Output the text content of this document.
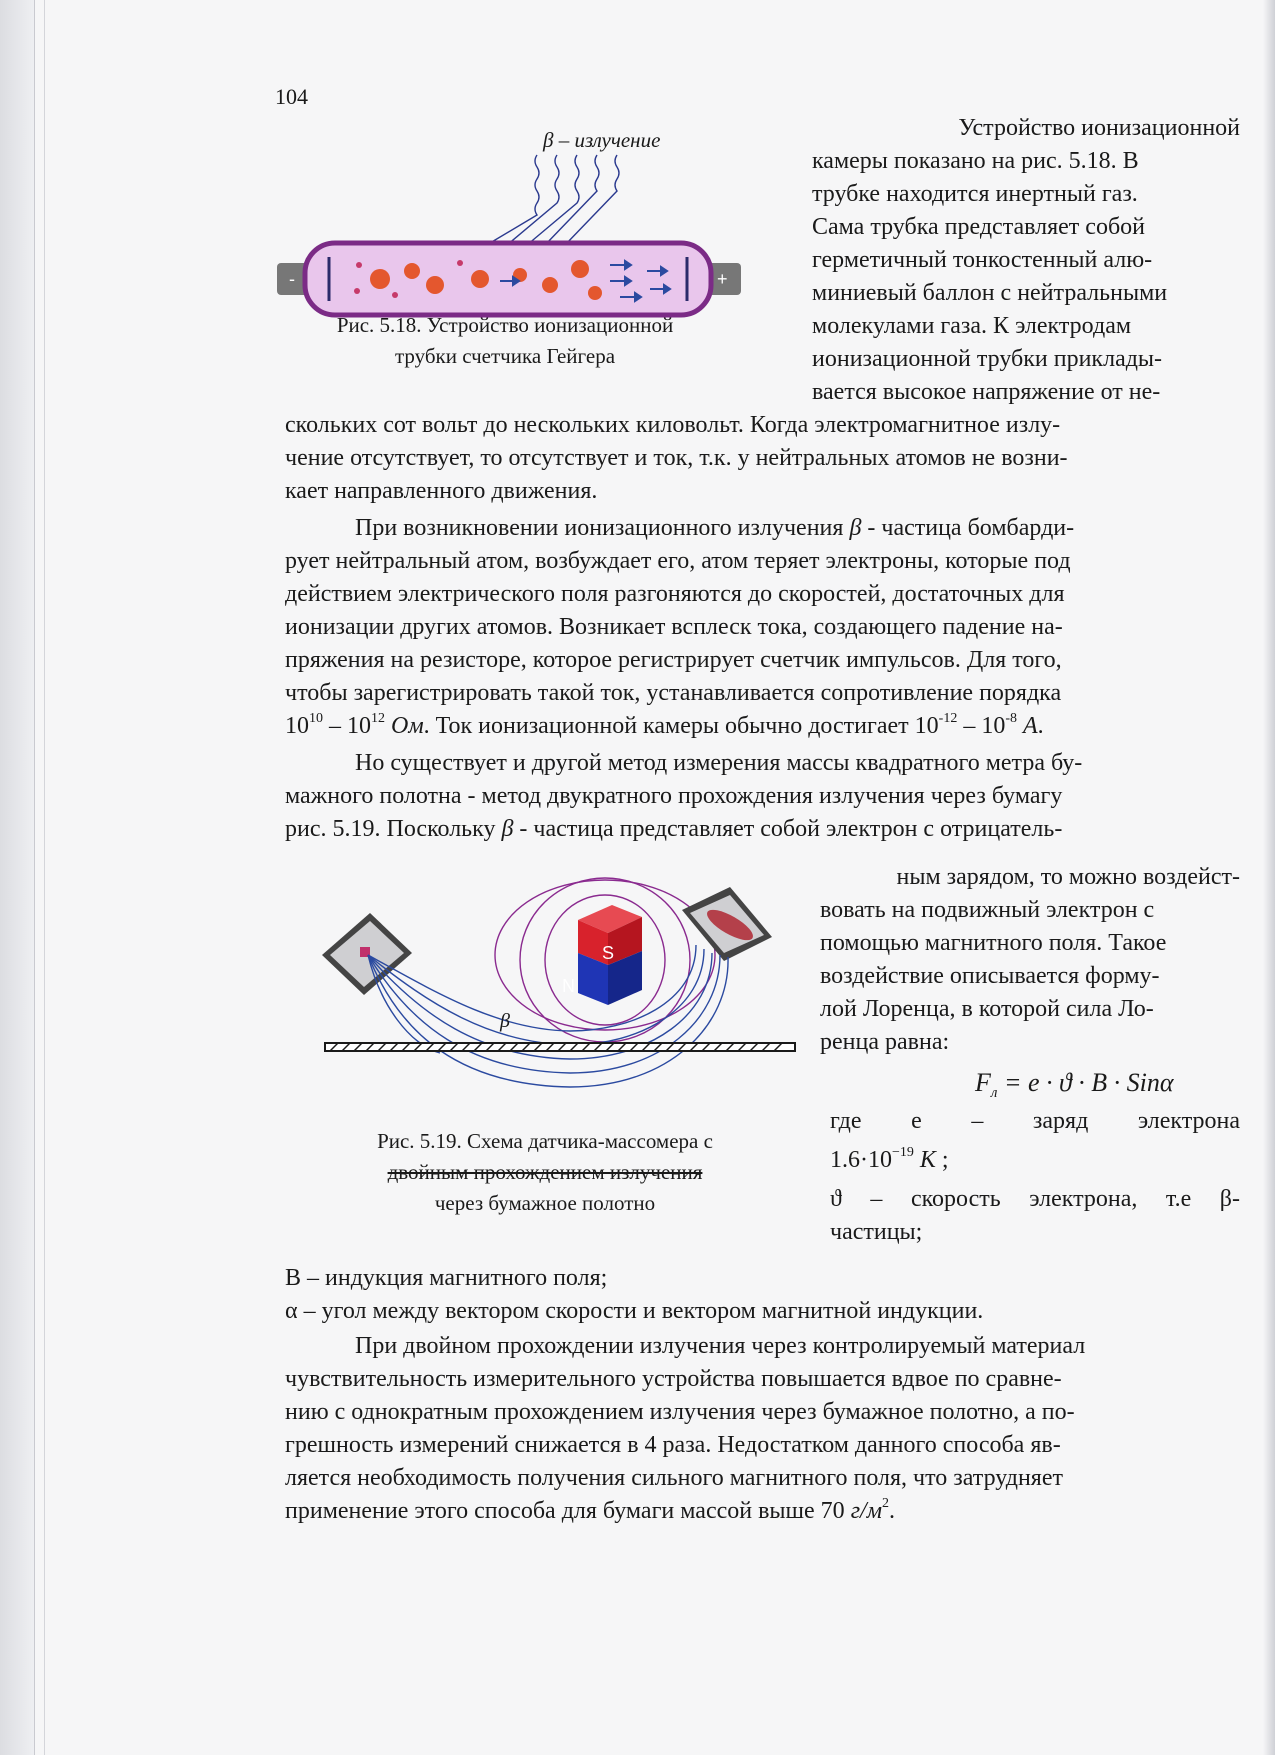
104
β – излучение
-	+
Рис. 5.18. Устройство ионизационной
трубки счетчика Гейгера
Устройство ионизационной
камеры показано на рис. 5.18. В
трубке находится инертный газ.
Сама трубка представляет собой
герметичный тонкостенный алю-
миниевый баллон с нейтральными
молекулами газа. К электродам
ионизационной трубки приклады-
вается высокое напряжение от не-
скольких сот вольт до нескольких киловольт. Когда электромагнитное излу-
чение отсутствует, то отсутствует и ток, т.к. у нейтральных атомов не возни-
кает направленного движения.
При возникновении ионизационного излучения β - частица бомбарди-
рует нейтральный атом, возбуждает его, атом теряет электроны, которые под
действием электрического поля разгоняются до скоростей, достаточных для
ионизации других атомов. Возникает всплеск тока, создающего падение на-
пряжения на резисторе, которое регистрирует счетчик импульсов. Для того,
чтобы зарегистрировать такой ток, устанавливается сопротивление порядка
$10^{10} - 10^{12}$ Ом. Ток ионизационной камеры обычно достигает $10^{-12} - 10^{-8}$ A.
Но существует и другой метод измерения массы квадратного метра бу-
мажного полотна - метод двукратного прохождения излучения через бумагу
рис. 5.19. Поскольку β - частица представляет собой электрон с отрицатель-
ным зарядом, то можно воздейст-
вовать на подвижный электрон с
помощью магнитного поля. Такое
воздействие описывается форму-
лой Лоренца, в которой сила Ло-
ренца равна:
$F_л = e \cdot ϑ \cdot B \cdot Sin\alpha$
где е – заряд электрона
$1.6\cdot 10^{-19}$ K ;
ϑ – скорость электрона, т.е β-
частицы;
S
N
β
Рис. 5.19. Схема датчика-массомера с
двойным прохождением излучения
через бумажное полотно
B – индукция магнитного поля;
α – угол между вектором скорости и вектором магнитной индукции.
При двойном прохождении излучения через контролируемый материал
чувствительность измерительного устройства повышается вдвое по сравне-
нию с однократным прохождением излучения через бумажное полотно, а по-
грешность измерений снижается в 4 раза. Недостатком данного способа яв-
ляется необходимость получения сильного магнитного поля, что затрудняет
применение этого способа для бумаги массой выше 70 $г/м^2$.
